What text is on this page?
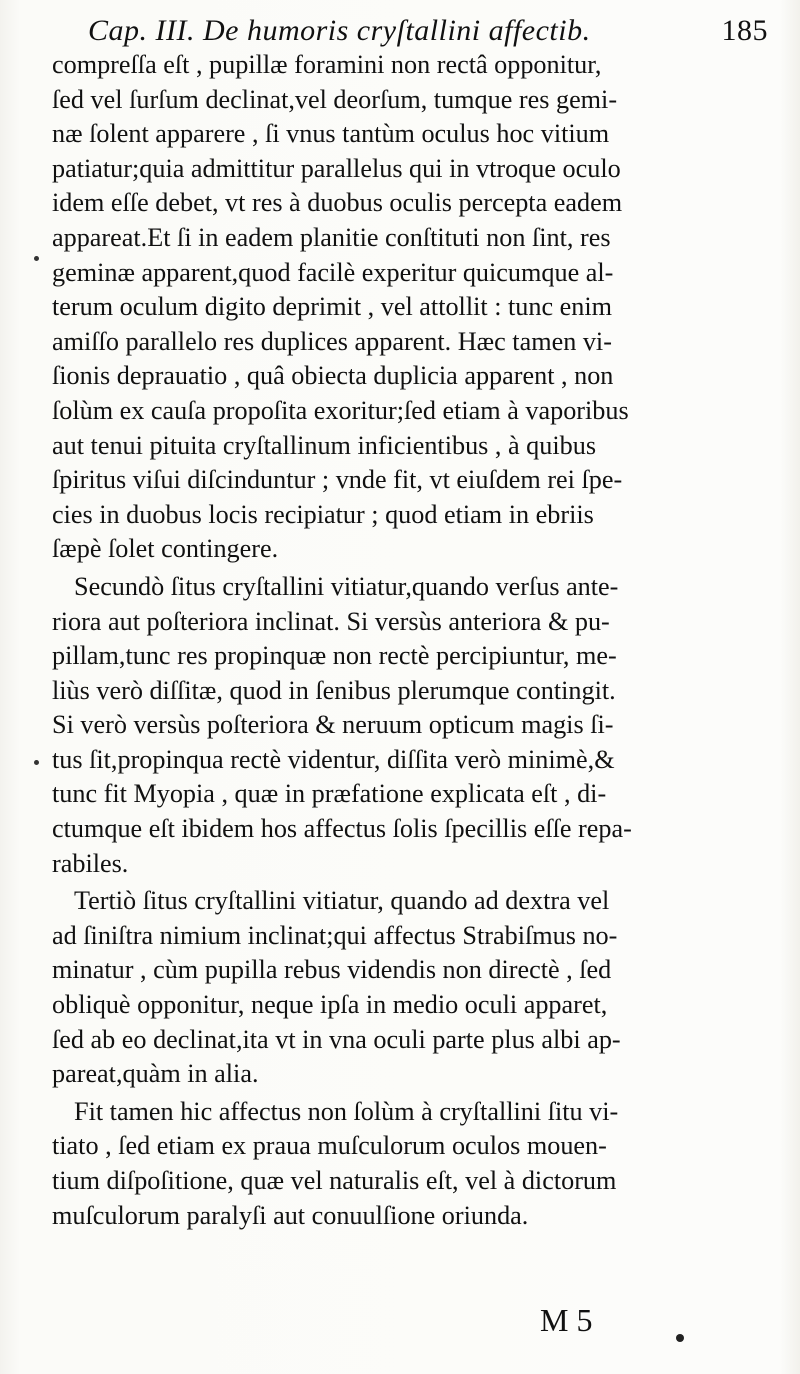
Cap. III. De humoris cryſtallini affectib.	185
compreſſa eſt , pupillæ foramini non rectâ opponitur,
ſed vel ſurſum declinat,vel deorſum, tumque res gemi-
næ ſolent apparere , ſi vnus tantùm oculus hoc vitium
patiatur;quia admittitur parallelus qui in vtroque oculo
idem eſſe debet, vt res à duobus oculis percepta eadem
appareat.Et ſi in eadem planitie conſtituti non ſint, res
geminæ apparent,quod facilè experitur quicumque al-
terum oculum digito deprimit , vel attollit : tunc enim
amiſſo parallelo res duplices apparent. Hæc tamen vi-
ſionis deprauatio , quâ obiecta duplicia apparent , non
ſolùm ex cauſa propoſita exoritur;ſed etiam à vaporibus
aut tenui pituita cryſtallinum inficientibus , à quibus
ſpiritus viſui diſcinduntur ; vnde fit, vt eiuſdem rei ſpe-
cies in duobus locis recipiatur ; quod etiam in ebriis
ſæpè ſolet contingere.
Secundò ſitus cryſtallini vitiatur,quando verſus ante-
riora aut poſteriora inclinat. Si versùs anteriora & pu-
pillam,tunc res propinquæ non rectè percipiuntur, me-
liùs verò diſſitæ, quod in ſenibus plerumque contingit.
Si verò versùs poſteriora & neruum opticum magis ſi-
tus ſit,propinqua rectè videntur, diſſita verò minimè,&
tunc fit Myopia , quæ in præfatione explicata eſt , di-
ctumque eſt ibidem hos affectus ſolis ſpecillis eſſe repa-
rabiles.
Tertiò ſitus cryſtallini vitiatur, quando ad dextra vel
ad ſiniſtra nimium inclinat;qui affectus Strabiſmus no-
minatur , cùm pupilla rebus videndis non directè , ſed
obliquè opponitur, neque ipſa in medio oculi apparet,
ſed ab eo declinat,ita vt in vna oculi parte plus albi ap-
pareat,quàm in alia.
Fit tamen hic affectus non ſolùm à cryſtallini ſitu vi-
tiato , ſed etiam ex praua muſculorum oculos mouen-
tium diſpoſitione, quæ vel naturalis eſt, vel à dictorum
muſculorum paralyſi aut conuulſione oriunda.
M 5
